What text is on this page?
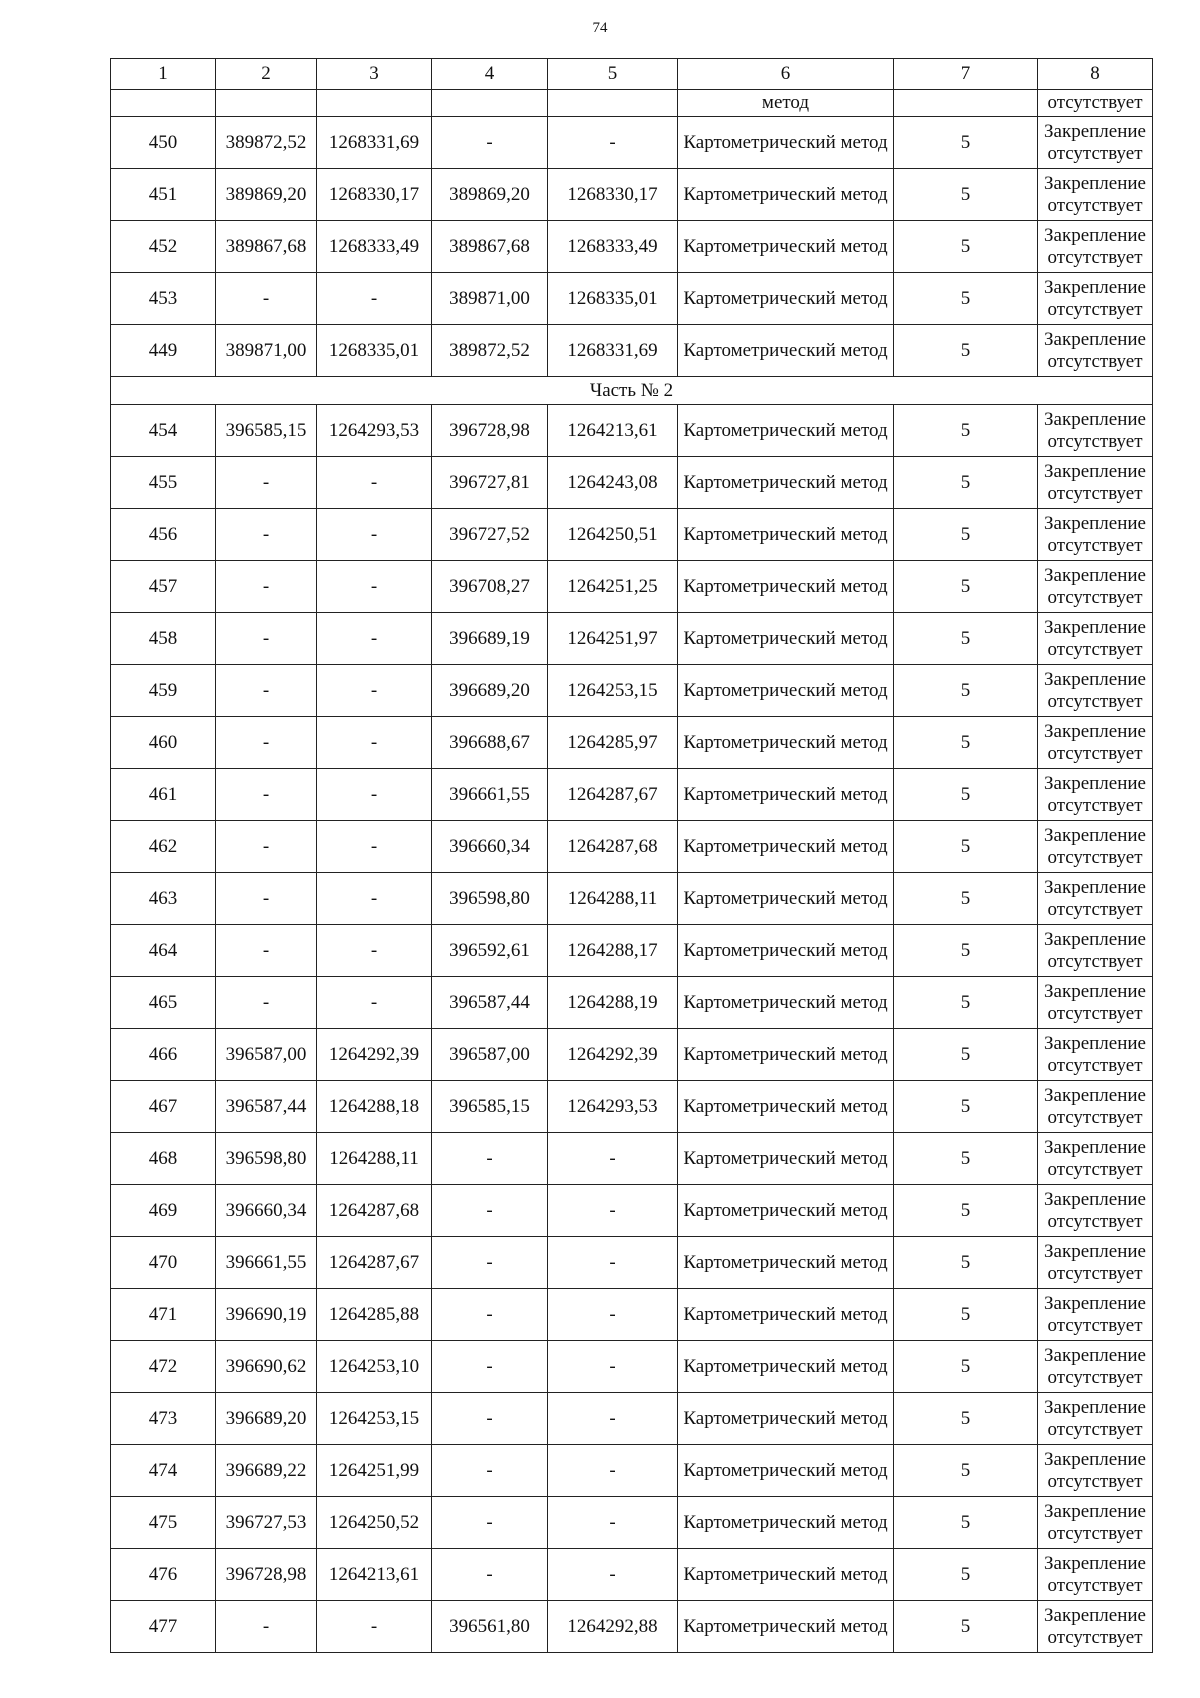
74
1	2	3	4	5	6	7	8
					метод		отсутствует
450	389872,52	1268331,69	-	-	Картометрический метод	5	Закрепление отсутствует
451	389869,20	1268330,17	389869,20	1268330,17	Картометрический метод	5	Закрепление отсутствует
452	389867,68	1268333,49	389867,68	1268333,49	Картометрический метод	5	Закрепление отсутствует
453	-	-	389871,00	1268335,01	Картометрический метод	5	Закрепление отсутствует
449	389871,00	1268335,01	389872,52	1268331,69	Картометрический метод	5	Закрепление отсутствует
Часть № 2							
454	396585,15	1264293,53	396728,98	1264213,61	Картометрический метод	5	Закрепление отсутствует
455	-	-	396727,81	1264243,08	Картометрический метод	5	Закрепление отсутствует
456	-	-	396727,52	1264250,51	Картометрический метод	5	Закрепление отсутствует
457	-	-	396708,27	1264251,25	Картометрический метод	5	Закрепление отсутствует
458	-	-	396689,19	1264251,97	Картометрический метод	5	Закрепление отсутствует
459	-	-	396689,20	1264253,15	Картометрический метод	5	Закрепление отсутствует
460	-	-	396688,67	1264285,97	Картометрический метод	5	Закрепление отсутствует
461	-	-	396661,55	1264287,67	Картометрический метод	5	Закрепление отсутствует
462	-	-	396660,34	1264287,68	Картометрический метод	5	Закрепление отсутствует
463	-	-	396598,80	1264288,11	Картометрический метод	5	Закрепление отсутствует
464	-	-	396592,61	1264288,17	Картометрический метод	5	Закрепление отсутствует
465	-	-	396587,44	1264288,19	Картометрический метод	5	Закрепление отсутствует
466	396587,00	1264292,39	396587,00	1264292,39	Картометрический метод	5	Закрепление отсутствует
467	396587,44	1264288,18	396585,15	1264293,53	Картометрический метод	5	Закрепление отсутствует
468	396598,80	1264288,11	-	-	Картометрический метод	5	Закрепление отсутствует
469	396660,34	1264287,68	-	-	Картометрический метод	5	Закрепление отсутствует
470	396661,55	1264287,67	-	-	Картометрический метод	5	Закрепление отсутствует
471	396690,19	1264285,88	-	-	Картометрический метод	5	Закрепление отсутствует
472	396690,62	1264253,10	-	-	Картометрический метод	5	Закрепление отсутствует
473	396689,20	1264253,15	-	-	Картометрический метод	5	Закрепление отсутствует
474	396689,22	1264251,99	-	-	Картометрический метод	5	Закрепление отсутствует
475	396727,53	1264250,52	-	-	Картометрический метод	5	Закрепление отсутствует
476	396728,98	1264213,61	-	-	Картометрический метод	5	Закрепление отсутствует
477	-	-	396561,80	1264292,88	Картометрический метод	5	Закрепление отсутствует
